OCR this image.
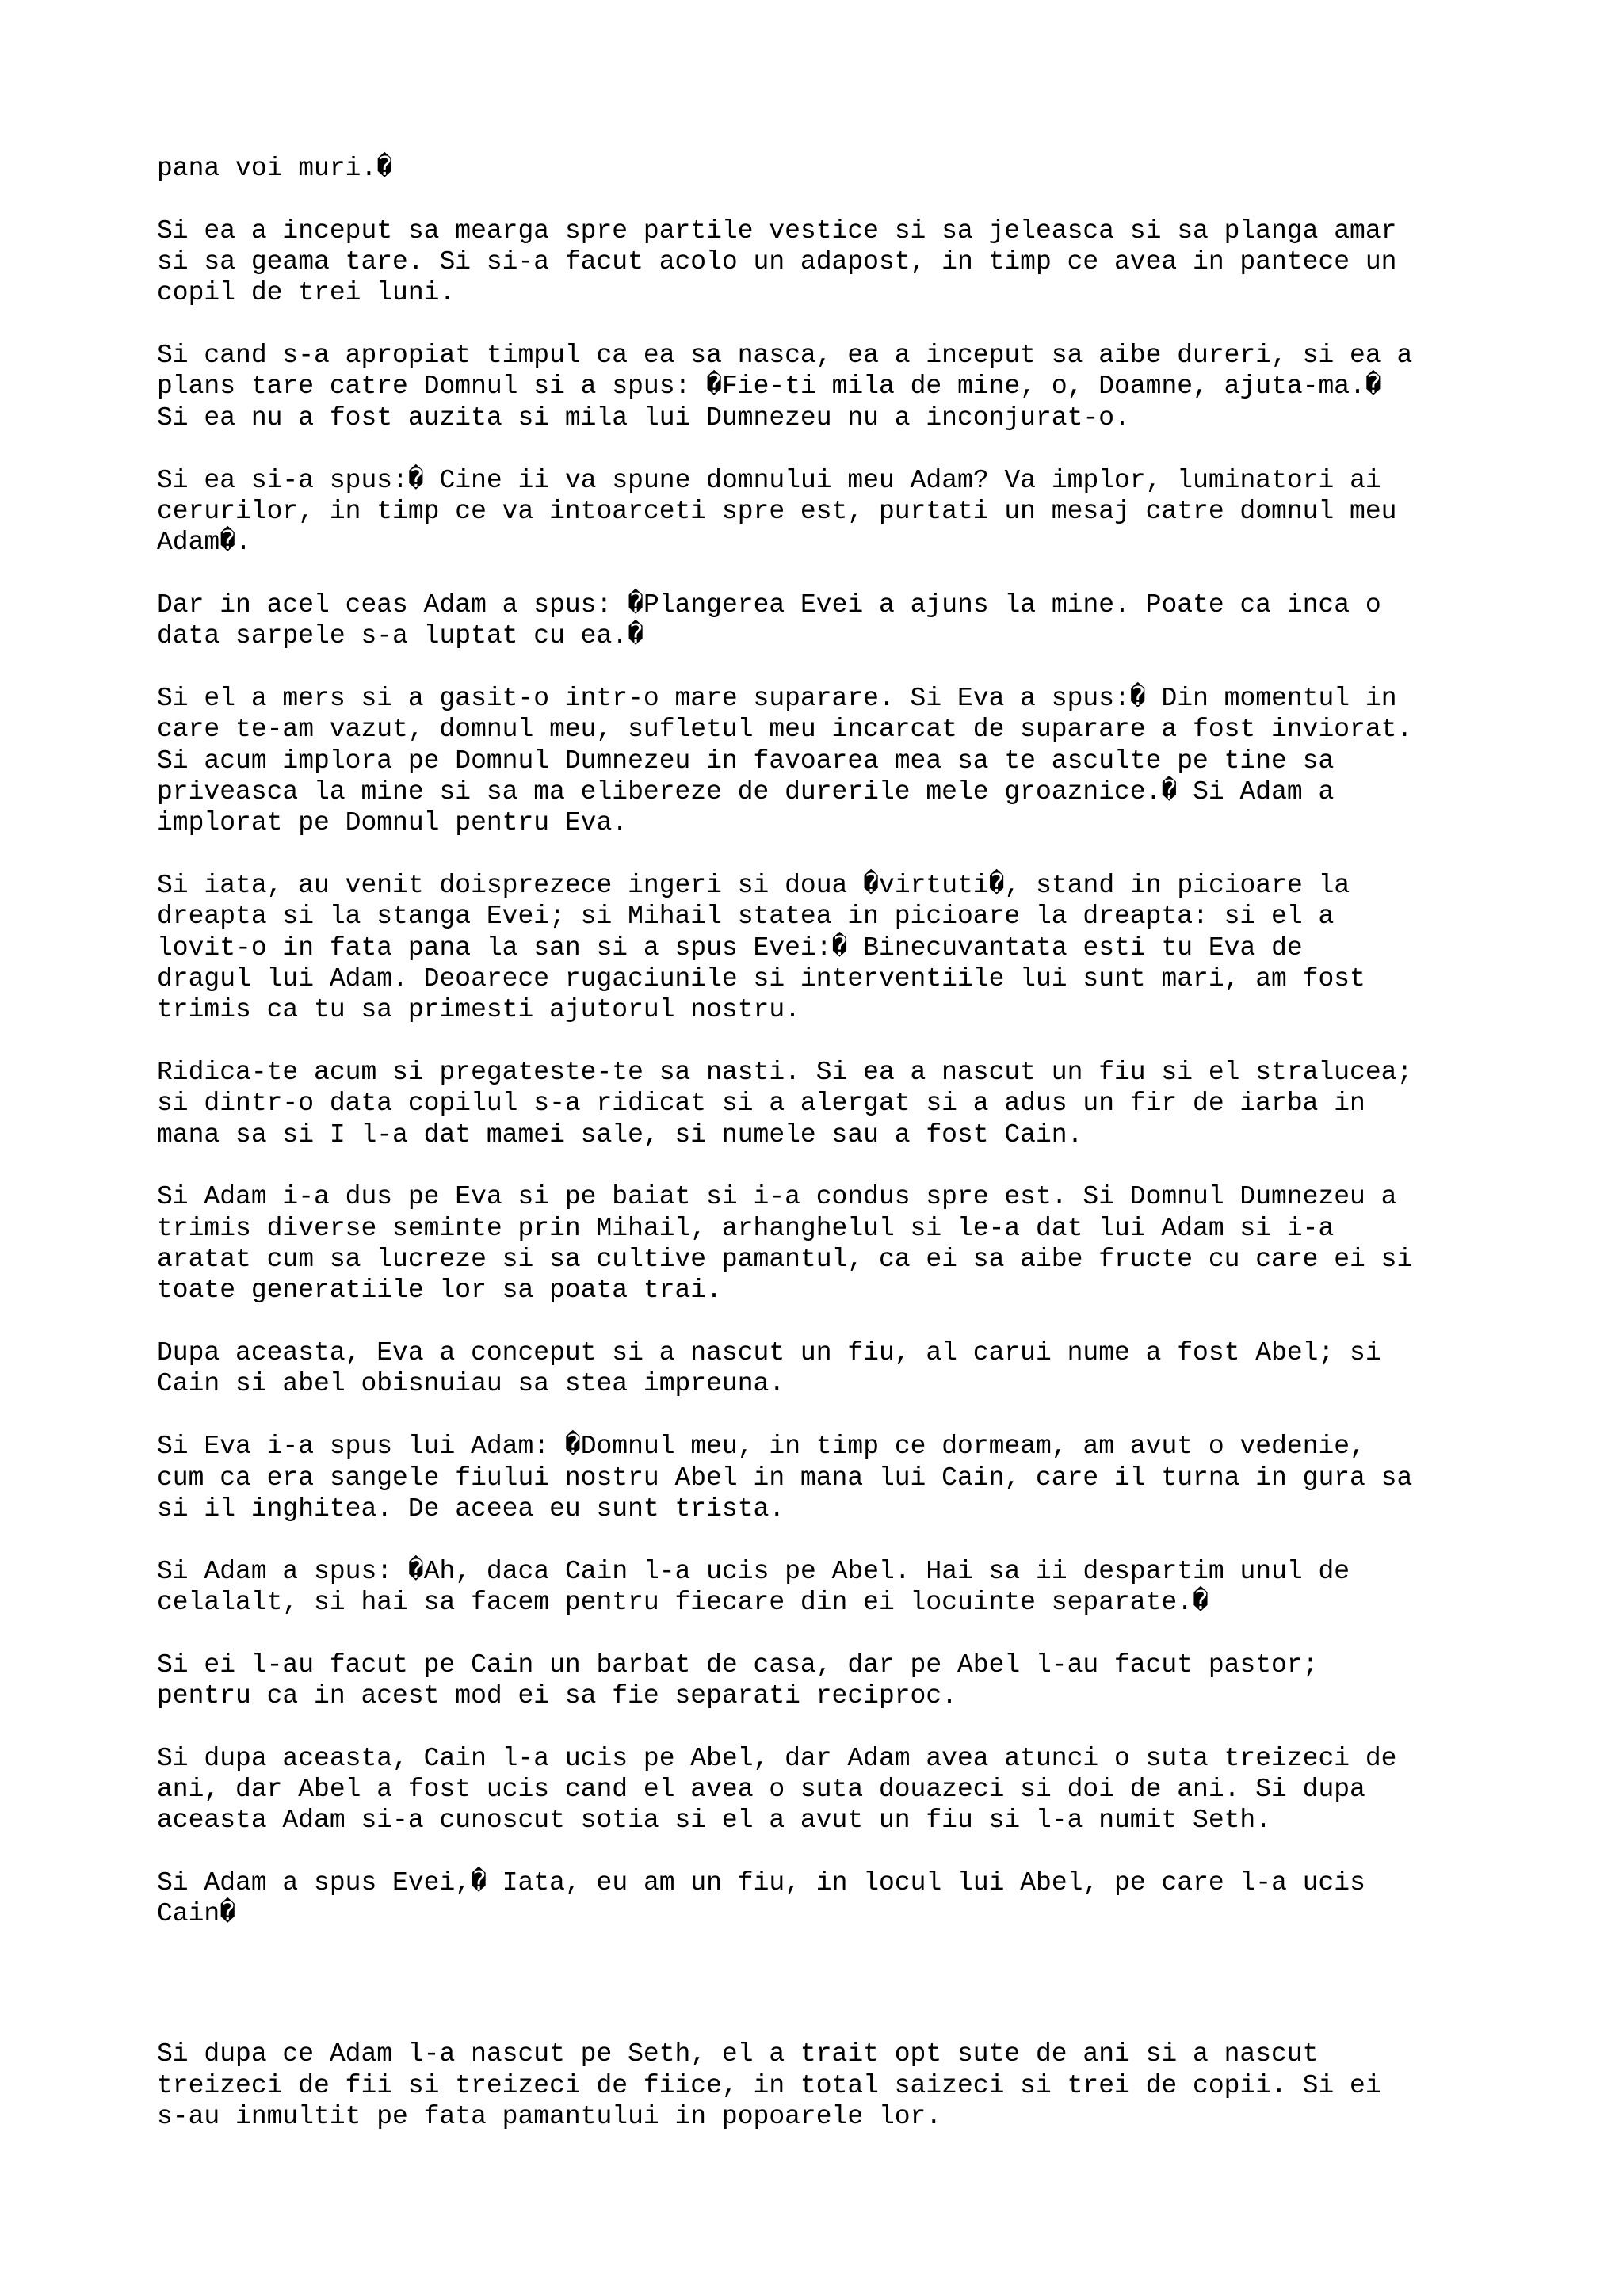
pana voi muri.�

Si ea a inceput sa mearga spre partile vestice si sa jeleasca si sa planga amar
si sa geama tare. Si si-a facut acolo un adapost, in timp ce avea in pantece un
copil de trei luni.

Si cand s-a apropiat timpul ca ea sa nasca, ea a inceput sa aibe dureri, si ea a
plans tare catre Domnul si a spus: �Fie-ti mila de mine, o, Doamne, ajuta-ma.�
Si ea nu a fost auzita si mila lui Dumnezeu nu a inconjurat-o.

Si ea si-a spus:� Cine ii va spune domnului meu Adam? Va implor, luminatori ai
cerurilor, in timp ce va intoarceti spre est, purtati un mesaj catre domnul meu
Adam�.

Dar in acel ceas Adam a spus: �Plangerea Evei a ajuns la mine. Poate ca inca o
data sarpele s-a luptat cu ea.�

Si el a mers si a gasit-o intr-o mare suparare. Si Eva a spus:� Din momentul in
care te-am vazut, domnul meu, sufletul meu incarcat de suparare a fost inviorat.
Si acum implora pe Domnul Dumnezeu in favoarea mea sa te asculte pe tine sa
priveasca la mine si sa ma elibereze de durerile mele groaznice.� Si Adam a
implorat pe Domnul pentru Eva.

Si iata, au venit doisprezece ingeri si doua �virtuti�, stand in picioare la
dreapta si la stanga Evei; si Mihail statea in picioare la dreapta: si el a
lovit-o in fata pana la san si a spus Evei:� Binecuvantata esti tu Eva de
dragul lui Adam. Deoarece rugaciunile si interventiile lui sunt mari, am fost
trimis ca tu sa primesti ajutorul nostru.

Ridica-te acum si pregateste-te sa nasti. Si ea a nascut un fiu si el stralucea;
si dintr-o data copilul s-a ridicat si a alergat si a adus un fir de iarba in
mana sa si I l-a dat mamei sale, si numele sau a fost Cain.

Si Adam i-a dus pe Eva si pe baiat si i-a condus spre est. Si Domnul Dumnezeu a
trimis diverse seminte prin Mihail, arhanghelul si le-a dat lui Adam si i-a
aratat cum sa lucreze si sa cultive pamantul, ca ei sa aibe fructe cu care ei si
toate generatiile lor sa poata trai.

Dupa aceasta, Eva a conceput si a nascut un fiu, al carui nume a fost Abel; si
Cain si abel obisnuiau sa stea impreuna.

Si Eva i-a spus lui Adam: �Domnul meu, in timp ce dormeam, am avut o vedenie,
cum ca era sangele fiului nostru Abel in mana lui Cain, care il turna in gura sa
si il inghitea. De aceea eu sunt trista.

Si Adam a spus: �Ah, daca Cain l-a ucis pe Abel. Hai sa ii despartim unul de
celalalt, si hai sa facem pentru fiecare din ei locuinte separate.�

Si ei l-au facut pe Cain un barbat de casa, dar pe Abel l-au facut pastor;
pentru ca in acest mod ei sa fie separati reciproc.

Si dupa aceasta, Cain l-a ucis pe Abel, dar Adam avea atunci o suta treizeci de
ani, dar Abel a fost ucis cand el avea o suta douazeci si doi de ani. Si dupa
aceasta Adam si-a cunoscut sotia si el a avut un fiu si l-a numit Seth.

Si Adam a spus Evei,� Iata, eu am un fiu, in locul lui Abel, pe care l-a ucis
Cain�

Si dupa ce Adam l-a nascut pe Seth, el a trait opt sute de ani si a nascut
treizeci de fii si treizeci de fiice, in total saizeci si trei de copii. Si ei
s-au inmultit pe fata pamantului in popoarele lor.
